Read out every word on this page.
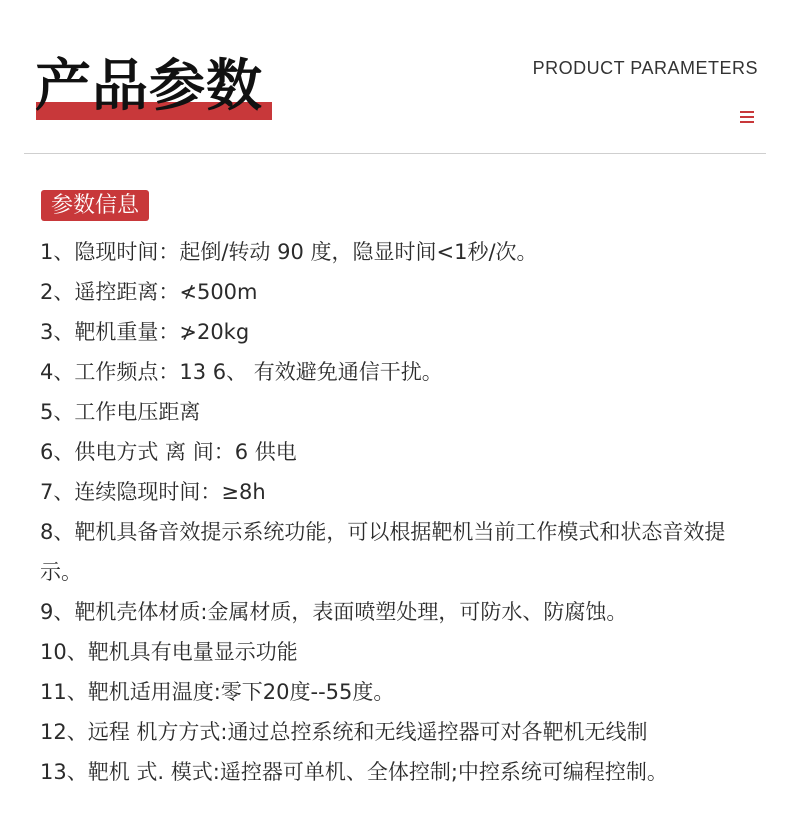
产品参数	PRODUCT PARAMETERS
参数信息
1、隐现时间：起倒/转动 90 度，隐显时间<1秒/次。
2、遥控距离：≮500m
3、靶机重量：≯20kg
4、工作频点：13 6、 有效避免通信干扰。
5、工作电压距离
6、供电方式 离 间：6 供电
7、连续隐现时间：≥8h
8、靶机具备音效提示系统功能，可以根据靶机当前工作模式和状态音效提示。
9、靶机壳体材质:金属材质，表面喷塑处理，可防水、防腐蚀。
10、靶机具有电量显示功能
11、靶机适用温度:零下20度--55度。
12、远程 机方方式:通过总控系统和无线遥控器可对各靶机无线制
13、靶机 式. 模式:遥控器可单机、全体控制;中控系统可编程控制。
